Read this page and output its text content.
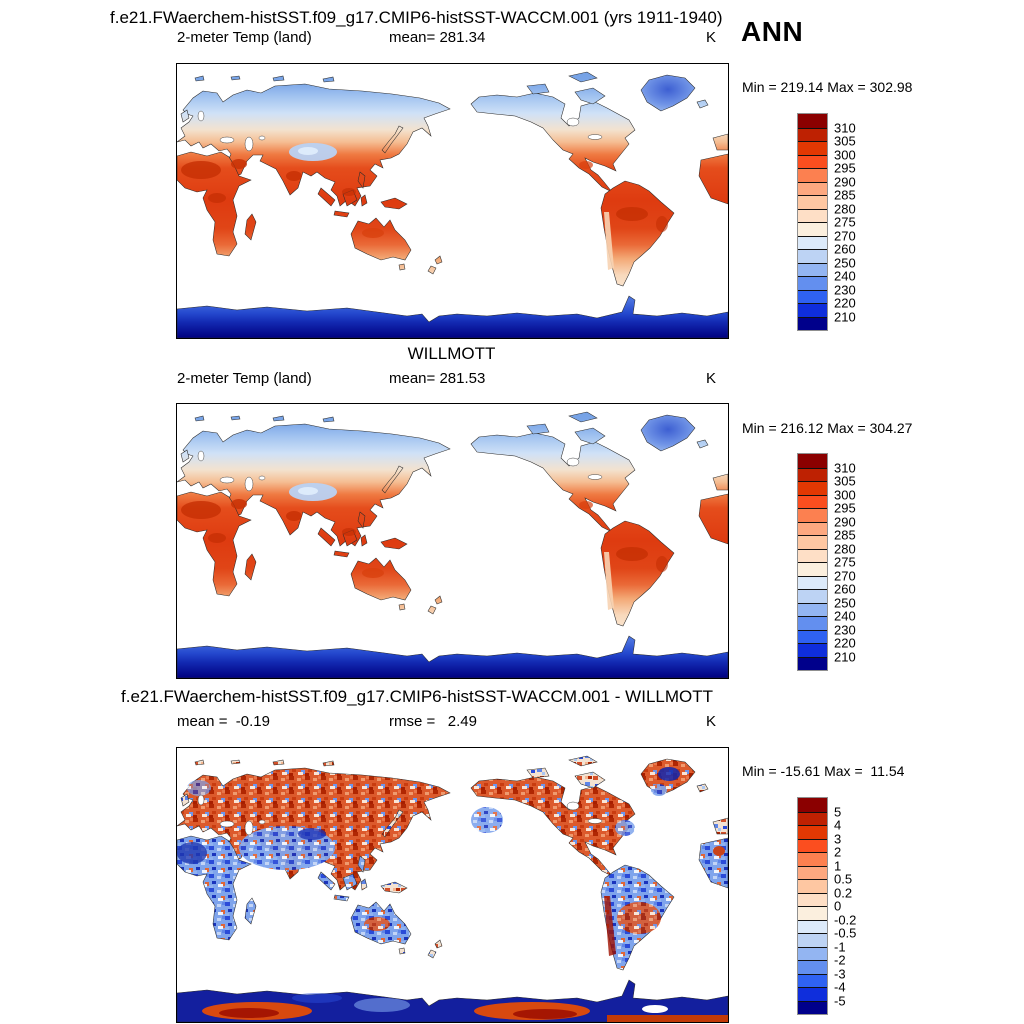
f.e21.FWaerchem-histSST.f09_g17.CMIP6-histSST-WACCM.001 (yrs 1911-1940) ANN
2-meter Temp (land)	mean= 281.34	K
Min = 219.14 Max = 302.98
310
305
300
295
290
285
280
275
270
260
250
240
230
220
210
WILLMOTT
2-meter Temp (land)	mean= 281.53	K
Min = 216.12 Max = 304.27
310
305
300
295
290
285
280
275
270
260
250
240
230
220
210
f.e21.FWaerchem-histSST.f09_g17.CMIP6-histSST-WACCM.001 - WILLMOTT
mean =  -0.19	rmse =   2.49	K
Min = -15.61 Max =  11.54
5
4
3
2
1
0.5
0.2
0
-0.2
-0.5
-1
-2
-3
-4
-5
